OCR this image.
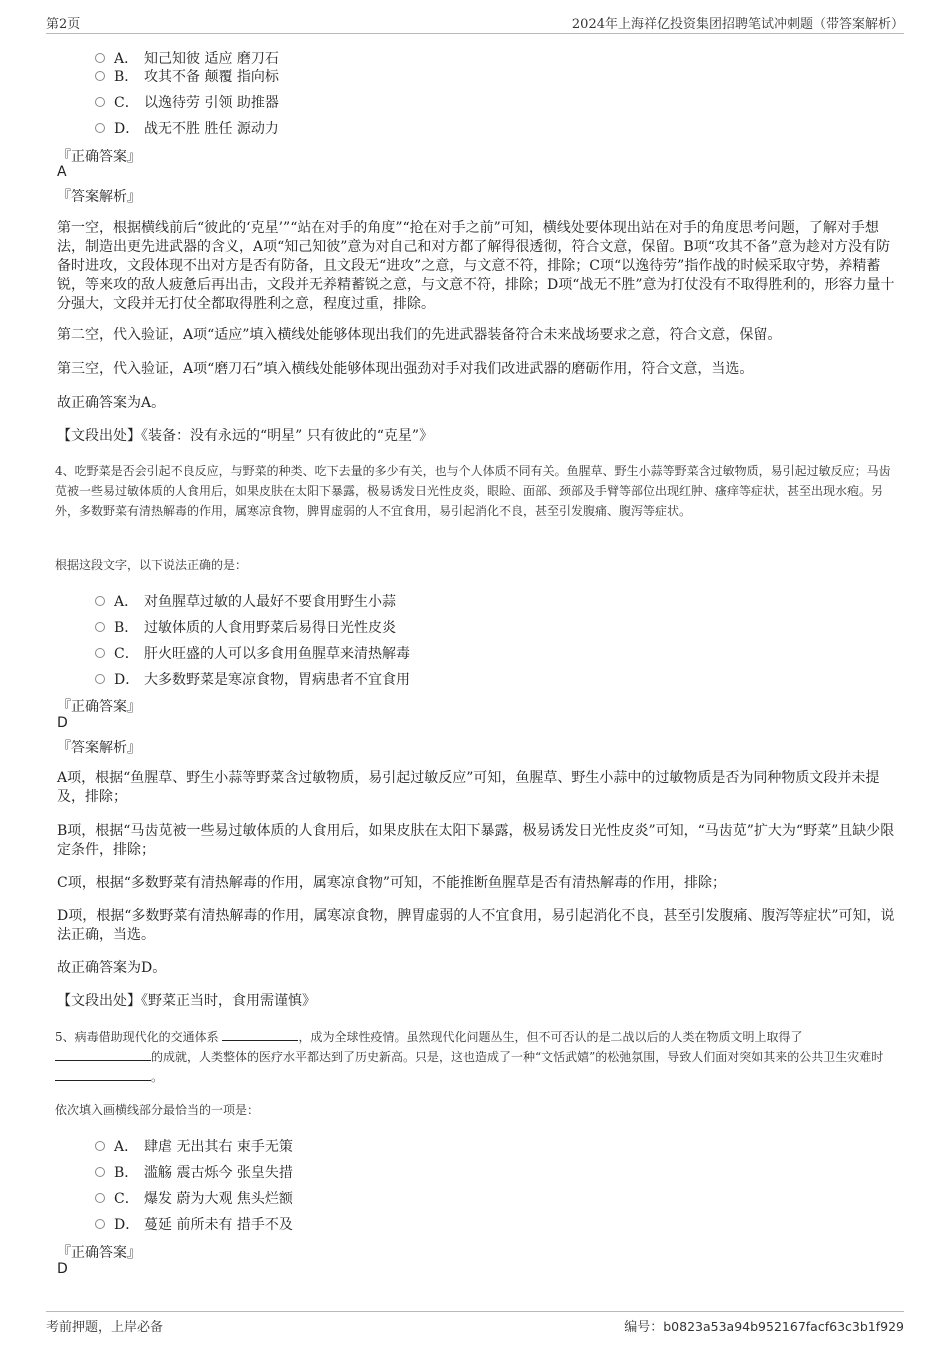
第2页	2024年上海祥亿投资集团招聘笔试冲刺题（带答案解析）
A． 知己知彼 适应 磨刀石
B． 攻其不备 颠覆 指向标
C． 以逸待劳 引领 助推器
D． 战无不胜 胜任 源动力
『正确答案』
A
『答案解析』
第一空，根据横线前后“彼此的‘克星’”“站在对手的角度”“抢在对手之前”可知，横线处要体现出站在对手的角度思考问题，了解对手想法，制造出更先进武器的含义，A项“知己知彼”意为对自己和对方都了解得很透彻，符合文意，保留。B项“攻其不备”意为趁对方没有防备时进攻，文段体现不出对方是否有防备，且文段无“进攻”之意，与文意不符，排除；C项“以逸待劳”指作战的时候采取守势，养精蓄锐，等来攻的敌人疲惫后再出击，文段并无养精蓄锐之意，与文意不符，排除；D项“战无不胜”意为打仗没有不取得胜利的，形容力量十分强大，文段并无打仗全都取得胜利之意，程度过重，排除。
第二空，代入验证，A项“适应”填入横线处能够体现出我们的先进武器装备符合未来战场要求之意，符合文意，保留。
第三空，代入验证，A项“磨刀石”填入横线处能够体现出强劲对手对我们改进武器的磨砺作用，符合文意，当选。
故正确答案为A。
【文段出处】《装备：没有永远的“明星” 只有彼此的“克星”》
4、吃野菜是否会引起不良反应，与野菜的种类、吃下去量的多少有关，也与个人体质不同有关。鱼腥草、野生小蒜等野菜含过敏物质，易引起过敏反应；马齿苋被一些易过敏体质的人食用后，如果皮肤在太阳下暴露，极易诱发日光性皮炎，眼睑、面部、颈部及手臂等部位出现红肿、瘙痒等症状，甚至出现水疱。另外，多数野菜有清热解毒的作用，属寒凉食物，脾胃虚弱的人不宜食用，易引起消化不良，甚至引发腹痛、腹泻等症状。
根据这段文字，以下说法正确的是：
A． 对鱼腥草过敏的人最好不要食用野生小蒜
B． 过敏体质的人食用野菜后易得日光性皮炎
C． 肝火旺盛的人可以多食用鱼腥草来清热解毒
D． 大多数野菜是寒凉食物，胃病患者不宜食用
『正确答案』
D
『答案解析』
A项，根据“鱼腥草、野生小蒜等野菜含过敏物质，易引起过敏反应”可知，鱼腥草、野生小蒜中的过敏物质是否为同种物质文段并未提及，排除；
B项，根据“马齿苋被一些易过敏体质的人食用后，如果皮肤在太阳下暴露，极易诱发日光性皮炎”可知，“马齿苋”扩大为“野菜”且缺少限定条件，排除；
C项，根据“多数野菜有清热解毒的作用，属寒凉食物”可知，不能推断鱼腥草是否有清热解毒的作用，排除；
D项，根据“多数野菜有清热解毒的作用，属寒凉食物，脾胃虚弱的人不宜食用，易引起消化不良，甚至引发腹痛、腹泻等症状”可知，说法正确，当选。
故正确答案为D。
【文段出处】《野菜正当时，食用需谨慎》
5、病毒借助现代化的交通体系	，成为全球性疫情。虽然现代化问题丛生，但不可否认的是二战以后的人类在物质文明上取得了的成就，人类整体的医疗水平都达到了历史新高。只是，这也造成了一种“文恬武嬉”的松弛氛围，导致人们面对突如其来的公共卫生灾难时 。
依次填入画横线部分最恰当的一项是：
A． 肆虐 无出其右 束手无策
B． 滥觞 震古烁今 张皇失措
C． 爆发 蔚为大观 焦头烂额
D． 蔓延 前所未有 措手不及
『正确答案』
D
考前押题，上岸必备	编号：b0823a53a94b952167facf63c3b1f929
